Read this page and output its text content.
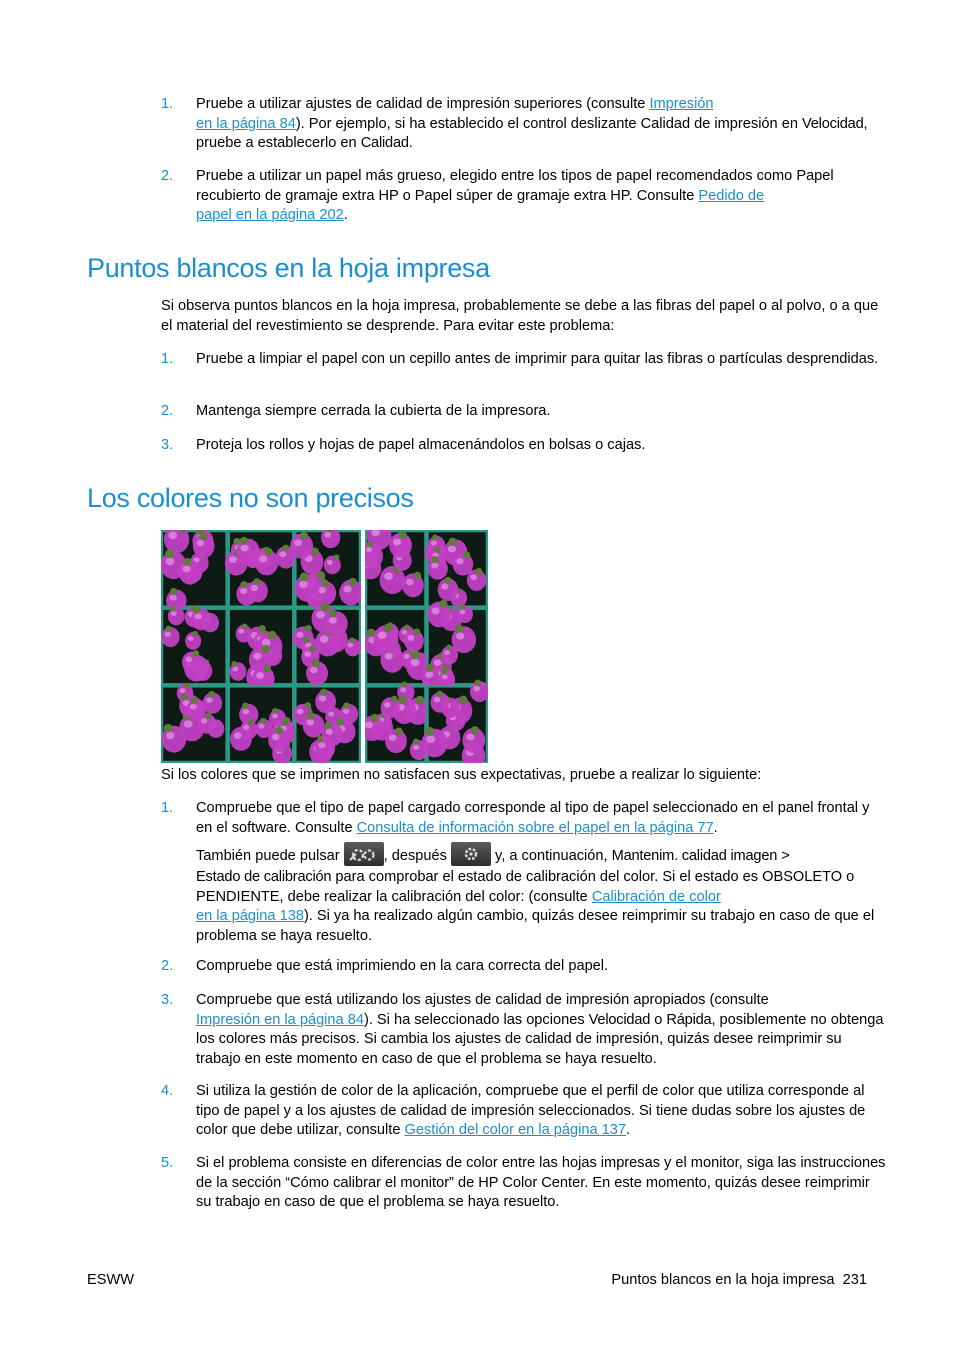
1. Pruebe a utilizar ajustes de calidad de impresión superiores (consulte Impresión
en la página 84). Por ejemplo, si ha establecido el control deslizante Calidad de impresión en Velocidad, pruebe a establecerlo en Calidad.
2. Pruebe a utilizar un papel más grueso, elegido entre los tipos de papel recomendados como Papel recubierto de gramaje extra HP o Papel súper de gramaje extra HP. Consulte Pedido de
papel en la página 202.
Puntos blancos en la hoja impresa
Si observa puntos blancos en la hoja impresa, probablemente se debe a las fibras del papel o al polvo, o a que el material del revestimiento se desprende. Para evitar este problema:
1. Pruebe a limpiar el papel con un cepillo antes de imprimir para quitar las fibras o partículas desprendidas.
2. Mantenga siempre cerrada la cubierta de la impresora.
3. Proteja los rollos y hojas de papel almacenándolos en bolsas o cajas.
Los colores no son precisos
Si los colores que se imprimen no satisfacen sus expectativas, pruebe a realizar lo siguiente:
1. Compruebe que el tipo de papel cargado corresponde al tipo de papel seleccionado en el panel frontal y en el software. Consulte Consulta de información sobre el papel en la página 77.
También puede pulsar	, después	y, a continuación, Mantenim. calidad imagen >
Estado de calibración para comprobar el estado de calibración del color. Si el estado es OBSOLETO o PENDIENTE, debe realizar la calibración del color: (consulte Calibración de color
en la página 138). Si ya ha realizado algún cambio, quizás desee reimprimir su trabajo en caso de que el problema se haya resuelto.
2. Compruebe que está imprimiendo en la cara correcta del papel.
3. Compruebe que está utilizando los ajustes de calidad de impresión apropiados (consulte
Impresión en la página 84). Si ha seleccionado las opciones Velocidad o Rápida, posiblemente no obtenga los colores más precisos. Si cambia los ajustes de calidad de impresión, quizás desee reimprimir su trabajo en este momento en caso de que el problema se haya resuelto.
4. Si utiliza la gestión de color de la aplicación, compruebe que el perfil de color que utiliza corresponde al tipo de papel y a los ajustes de calidad de impresión seleccionados. Si tiene dudas sobre los ajustes de color que debe utilizar, consulte Gestión del color en la página 137.
5. Si el problema consiste en diferencias de color entre las hojas impresas y el monitor, siga las instrucciones de la sección “Cómo calibrar el monitor” de HP Color Center. En este momento, quizás desee reimprimir su trabajo en caso de que el problema se haya resuelto.
ESWW	Puntos blancos en la hoja impresa 231
